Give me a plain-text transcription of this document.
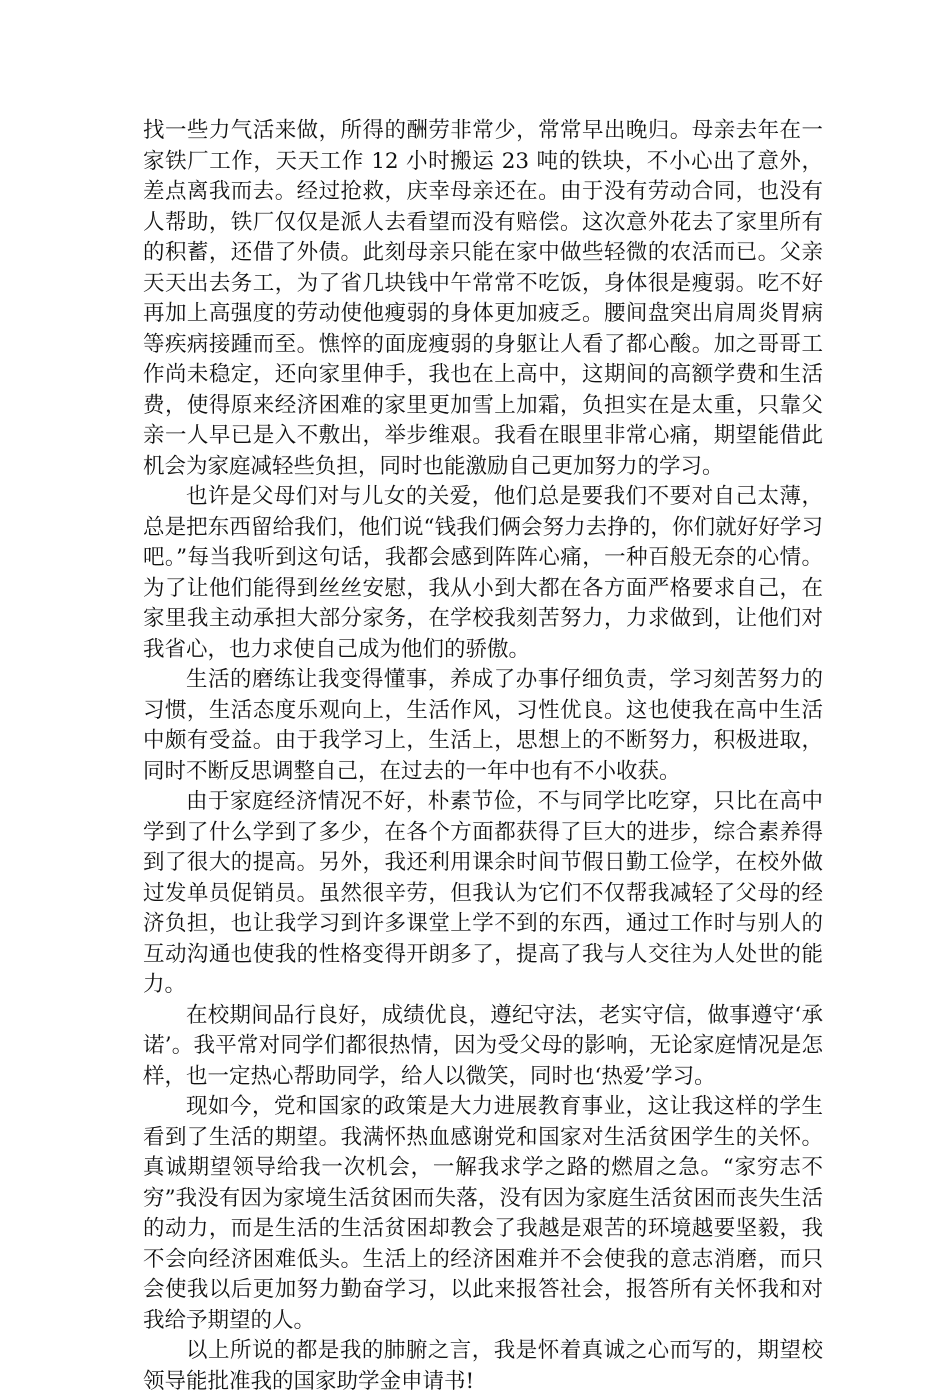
找一些力气活来做，所得的酬劳非常少，常常早出晚归。母亲去年在一家铁厂工作，天天工作 12 小时搬运 23 吨的铁块，不小心出了意外，差点离我而去。经过抢救，庆幸母亲还在。由于没有劳动合同，也没有人帮助，铁厂仅仅是派人去看望而没有赔偿。这次意外花去了家里所有的积蓄，还借了外债。此刻母亲只能在家中做些轻微的农活而已。父亲天天出去务工，为了省几块钱中午常常不吃饭，身体很是瘦弱。吃不好再加上高强度的劳动使他瘦弱的身体更加疲乏。腰间盘突出肩周炎胃病等疾病接踵而至。憔悴的面庞瘦弱的身躯让人看了都心酸。加之哥哥工作尚未稳定，还向家里伸手，我也在上高中，这期间的高额学费和生活费，使得原来经济困难的家里更加雪上加霜，负担实在是太重，只靠父亲一人早已是入不敷出，举步维艰。我看在眼里非常心痛，期望能借此机会为家庭减轻些负担，同时也能激励自己更加努力的学习。

也许是父母们对与儿女的关爱，他们总是要我们不要对自己太薄，总是把东西留给我们，他们说“钱我们俩会努力去挣的，你们就好好学习吧。”每当我听到这句话，我都会感到阵阵心痛，一种百般无奈的心情。为了让他们能得到丝丝安慰，我从小到大都在各方面严格要求自己，在家里我主动承担大部分家务，在学校我刻苦努力，力求做到，让他们对我省心，也力求使自己成为他们的骄傲。

生活的磨练让我变得懂事，养成了办事仔细负责，学习刻苦努力的习惯，生活态度乐观向上，生活作风，习性优良。这也使我在高中生活中颇有受益。由于我学习上，生活上，思想上的不断努力，积极进取，同时不断反思调整自己，在过去的一年中也有不小收获。

由于家庭经济情况不好，朴素节俭，不与同学比吃穿，只比在高中学到了什么学到了多少，在各个方面都获得了巨大的进步，综合素养得到了很大的提高。另外，我还利用课余时间节假日勤工俭学，在校外做过发单员促销员。虽然很辛劳，但我认为它们不仅帮我减轻了父母的经济负担，也让我学习到许多课堂上学不到的东西，通过工作时与别人的互动沟通也使我的性格变得开朗多了，提高了我与人交往为人处世的能力。

在校期间品行良好，成绩优良，遵纪守法，老实守信，做事遵守‘承诺’。我平常对同学们都很热情，因为受父母的影响，无论家庭情况是怎样，也一定热心帮助同学，给人以微笑，同时也‘热爱’学习。

现如今，党和国家的政策是大力进展教育事业，这让我这样的学生看到了生活的期望。我满怀热血感谢党和国家对生活贫困学生的关怀。真诚期望领导给我一次机会，一解我求学之路的燃眉之急。“家穷志不穷”我没有因为家境生活贫困而失落，没有因为家庭生活贫困而丧失生活的动力，而是生活的生活贫困却教会了我越是艰苦的环境越要坚毅，我不会向经济困难低头。生活上的经济困难并不会使我的意志消磨，而只会使我以后更加努力勤奋学习，以此来报答社会，报答所有关怀我和对我给予期望的人。

以上所说的都是我的肺腑之言，我是怀着真诚之心而写的，期望校领导能批准我的国家助学金申请书!
